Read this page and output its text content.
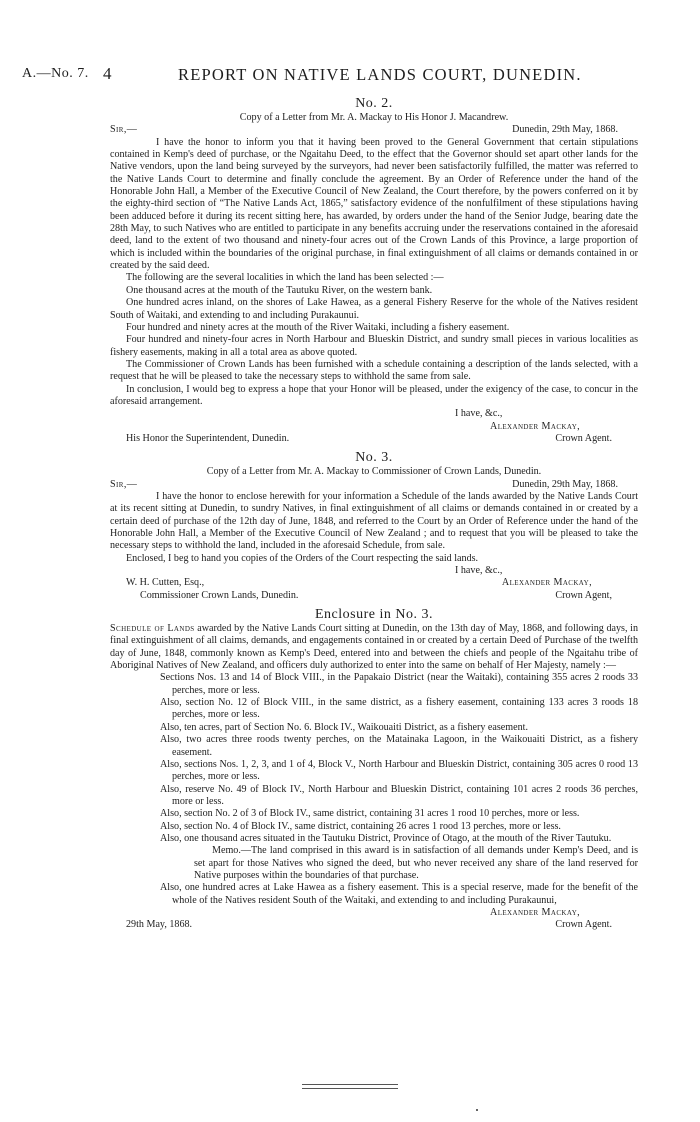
A.—No. 7. 4	REPORT ON NATIVE LANDS COURT, DUNEDIN.

No. 2.

Copy of a Letter from Mr. A. Mackay to His Honor J. Macandrew.

Sir,—	Dunedin, 29th May, 1868.

I have the honor to inform you that it having been proved to the General Government that certain stipulations contained in Kemp's deed of purchase, or the Ngaitahu Deed, to the effect that the Governor should set apart other lands for the Native vendors, upon the land being surveyed by the surveyors, had never been satisfactorily fulfilled, the matter was referred to the Native Lands Court to determine and finally conclude the agreement. By an Order of Reference under the hand of the Honorable John Hall, a Member of the Executive Council of New Zealand, the Court therefore, by the powers conferred on it by the eighty-third section of “The Native Lands Act, 1865,” satisfactory evidence of the nonfulfilment of these stipulations having been adduced before it during its recent sitting here, has awarded, by orders under the hand of the Senior Judge, bearing date the 28th May, to such Natives who are entitled to participate in any benefits accruing under the reservations contained in the aforesaid deed, land to the extent of two thousand and ninety-four acres out of the Crown Lands of this Province, a large proportion of which is included within the boundaries of the original purchase, in final extinguishment of all claims or demands contained in or created by the said deed.

The following are the several localities in which the land has been selected :—

One thousand acres at the mouth of the Tautuku River, on the western bank.

One hundred acres inland, on the shores of Lake Hawea, as a general Fishery Reserve for the whole of the Natives resident South of Waitaki, and extending to and including Purakaunui.

Four hundred and ninety acres at the mouth of the River Waitaki, including a fishery easement.

Four hundred and ninety-four acres in North Harbour and Blueskin District, and sundry small pieces in various localities as fishery easements, making in all a total area as above quoted.

The Commissioner of Crown Lands has been furnished with a schedule containing a description of the lands selected, with a request that he will be pleased to take the necessary steps to withhold the same from sale.

In conclusion, I would beg to express a hope that your Honor will be pleased, under the exigency of the case, to concur in the aforesaid arrangement.

I have, &c.,

Alexander Mackay,

His Honor the Superintendent, Dunedin.	Crown Agent.

No. 3.

Copy of a Letter from Mr. A. Mackay to Commissioner of Crown Lands, Dunedin.

Sir,—	Dunedin, 29th May, 1868.

I have the honor to enclose herewith for your information a Schedule of the lands awarded by the Native Lands Court at its recent sitting at Dunedin, to sundry Natives, in final extinguishment of all claims or demands contained in or created by a certain deed of purchase of the 12th day of June, 1848, and referred to the Court by an Order of Reference under the hand of the Honorable John Hall, a Member of the Executive Council of New Zealand ; and to request that you will be pleased to take the necessary steps to withhold the land, included in the aforesaid Schedule, from sale.

Enclosed, I beg to hand you copies of the Orders of the Court respecting the said lands.

I have, &c.,

W. H. Cutten, Esq.,	Alexander Mackay,
Commissioner Crown Lands, Dunedin.	Crown Agent,

Enclosure in No. 3.

Schedule of Lands awarded by the Native Lands Court sitting at Dunedin, on the 13th day of May, 1868, and following days, in final extinguishment of all claims, demands, and engagements contained in or created by a certain Deed of Purchase of the twelfth day of June, 1848, commonly known as Kemp's Deed, entered into and between the chiefs and people of the Ngaitahu tribe of Aboriginal Natives of New Zealand, and officers duly authorized to enter into the same on behalf of Her Majesty, namely :—

Sections Nos. 13 and 14 of Block VIII., in the Papakaio District (near the Waitaki), containing 355 acres 2 roods 33 perches, more or less.

Also, section No. 12 of Block VIII., in the same district, as a fishery easement, containing 133 acres 3 roods 18 perches, more or less.

Also, ten acres, part of Section No. 6. Block IV., Waikouaiti District, as a fishery easement.

Also, two acres three roods twenty perches, on the Matainaka Lagoon, in the Waikouaiti District, as a fishery easement.

Also, sections Nos. 1, 2, 3, and 1 of 4, Block V., North Harbour and Blueskin District, containing 305 acres 0 rood 13 perches, more or less.

Also, reserve No. 49 of Block IV., North Harbour and Blueskin District, containing 101 acres 2 roods 36 perches, more or less.

Also, section No. 2 of 3 of Block IV., same district, containing 31 acres 1 rood 10 perches, more or less.

Also, section No. 4 of Block IV., same district, containing 26 acres 1 rood 13 perches, more or less.

Also, one thousand acres situated in the Tautuku District, Province of Otago, at the mouth of the River Tautuku.

Memo.—The land comprised in this award is in satisfaction of all demands under Kemp's Deed, and is set apart for those Natives who signed the deed, but who never received any share of the land reserved for Native purposes within the boundaries of that purchase.

Also, one hundred acres at Lake Hawea as a fishery easement. This is a special reserve, made for the benefit of the whole of the Natives resident South of the Waitaki, and extending to and including Purakaunui,

Alexander Mackay,

29th May, 1868.	Crown Agent.
